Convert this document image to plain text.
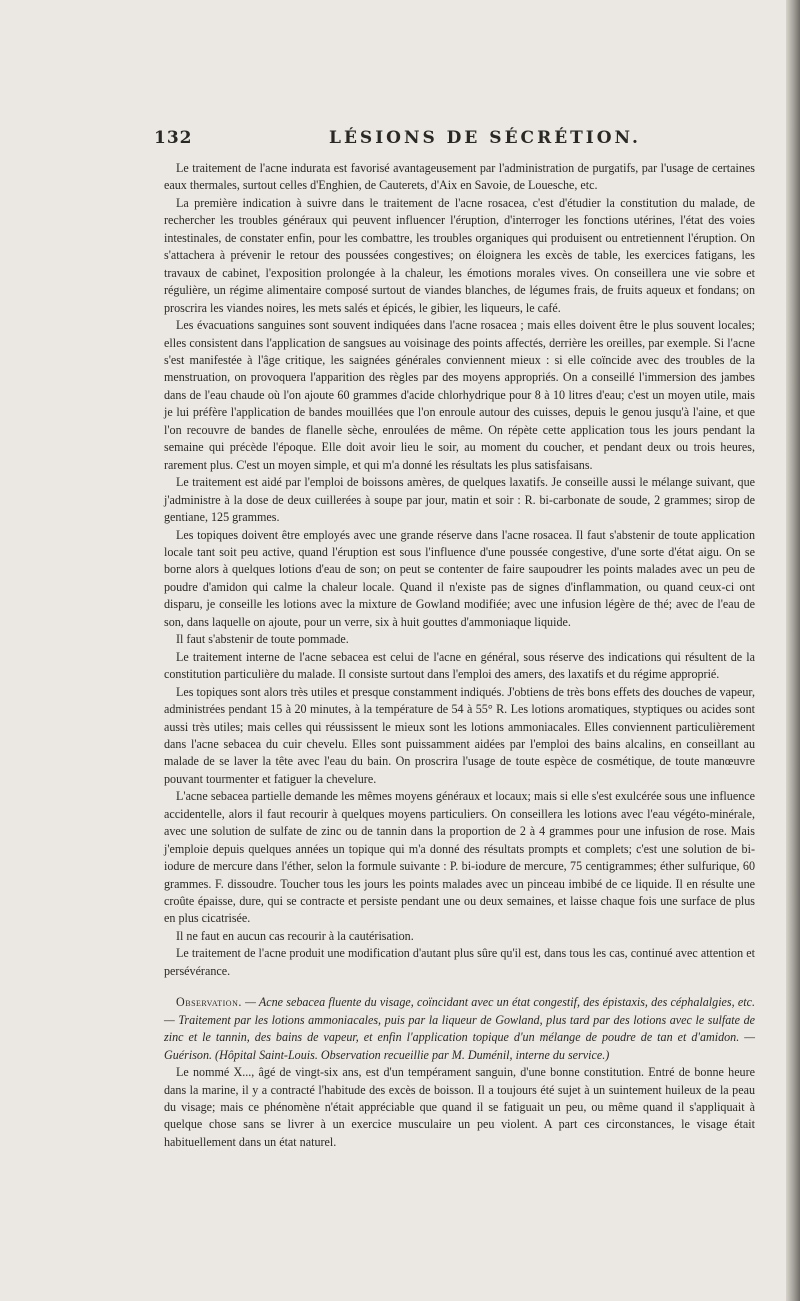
132	LÉSIONS DE SÉCRÉTION.

Le traitement de l'acne indurata est favorisé avantageusement par l'administration de purgatifs, par l'usage de certaines eaux thermales, surtout celles d'Enghien, de Cauterets, d'Aix en Savoie, de Louesche, etc.

La première indication à suivre dans le traitement de l'acne rosacea, c'est d'étudier la constitution du malade, de rechercher les troubles généraux qui peuvent influencer l'éruption, d'interroger les fonctions utérines, l'état des voies intestinales, de constater enfin, pour les combattre, les troubles organiques qui produisent ou entretiennent l'éruption. On s'attachera à prévenir le retour des poussées congestives; on éloignera les excès de table, les exercices fatigans, les travaux de cabinet, l'exposition prolongée à la chaleur, les émotions morales vives. On conseillera une vie sobre et régulière, un régime alimentaire composé surtout de viandes blanches, de légumes frais, de fruits aqueux et fondans; on proscrira les viandes noires, les mets salés et épicés, le gibier, les liqueurs, le café.

Les évacuations sanguines sont souvent indiquées dans l'acne rosacea ; mais elles doivent être le plus souvent locales; elles consistent dans l'application de sangsues au voisinage des points affectés, derrière les oreilles, par exemple. Si l'acne s'est manifestée à l'âge critique, les saignées générales conviennent mieux : si elle coïncide avec des troubles de la menstruation, on provoquera l'apparition des règles par des moyens appropriés. On a conseillé l'immersion des jambes dans de l'eau chaude où l'on ajoute 60 grammes d'acide chlorhydrique pour 8 à 10 litres d'eau; c'est un moyen utile, mais je lui préfère l'application de bandes mouillées que l'on enroule autour des cuisses, depuis le genou jusqu'à l'aine, et que l'on recouvre de bandes de flanelle sèche, enroulées de même. On répète cette application tous les jours pendant la semaine qui précède l'époque. Elle doit avoir lieu le soir, au moment du coucher, et pendant deux ou trois heures, rarement plus. C'est un moyen simple, et qui m'a donné les résultats les plus satisfaisans.

Le traitement est aidé par l'emploi de boissons amères, de quelques laxatifs. Je conseille aussi le mélange suivant, que j'administre à la dose de deux cuillerées à soupe par jour, matin et soir : R. bi-carbonate de soude, 2 grammes; sirop de gentiane, 125 grammes.

Les topiques doivent être employés avec une grande réserve dans l'acne rosacea. Il faut s'abstenir de toute application locale tant soit peu active, quand l'éruption est sous l'influence d'une poussée congestive, d'une sorte d'état aigu. On se borne alors à quelques lotions d'eau de son; on peut se contenter de faire saupoudrer les points malades avec un peu de poudre d'amidon qui calme la chaleur locale. Quand il n'existe pas de signes d'inflammation, ou quand ceux-ci ont disparu, je conseille les lotions avec la mixture de Gowland modifiée; avec une infusion légère de thé; avec de l'eau de son, dans laquelle on ajoute, pour un verre, six à huit gouttes d'ammoniaque liquide.

Il faut s'abstenir de toute pommade.

Le traitement interne de l'acne sebacea est celui de l'acne en général, sous réserve des indications qui résultent de la constitution particulière du malade. Il consiste surtout dans l'emploi des amers, des laxatifs et du régime approprié.

Les topiques sont alors très utiles et presque constamment indiqués. J'obtiens de très bons effets des douches de vapeur, administrées pendant 15 à 20 minutes, à la température de 54 à 55° R. Les lotions aromatiques, styptiques ou acides sont aussi très utiles; mais celles qui réussissent le mieux sont les lotions ammoniacales. Elles conviennent particulièrement dans l'acne sebacea du cuir chevelu. Elles sont puissamment aidées par l'emploi des bains alcalins, en conseillant au malade de se laver la tête avec l'eau du bain. On proscrira l'usage de toute espèce de cosmétique, de toute manœuvre pouvant tourmenter et fatiguer la chevelure.

L'acne sebacea partielle demande les mêmes moyens généraux et locaux; mais si elle s'est exulcérée sous une influence accidentelle, alors il faut recourir à quelques moyens particuliers. On conseillera les lotions avec l'eau végéto-minérale, avec une solution de sulfate de zinc ou de tannin dans la proportion de 2 à 4 grammes pour une infusion de rose. Mais j'emploie depuis quelques années un topique qui m'a donné des résultats prompts et complets; c'est une solution de bi-iodure de mercure dans l'éther, selon la formule suivante : P. bi-iodure de mercure, 75 centigrammes; éther sulfurique, 60 grammes. F. dissoudre. Toucher tous les jours les points malades avec un pinceau imbibé de ce liquide. Il en résulte une croûte épaisse, dure, qui se contracte et persiste pendant une ou deux semaines, et laisse chaque fois une surface de plus en plus cicatrisée.

Il ne faut en aucun cas recourir à la cautérisation.

Le traitement de l'acne produit une modification d'autant plus sûre qu'il est, dans tous les cas, continué avec attention et persévérance.

Observation. — Acne sebacea fluente du visage, coïncidant avec un état congestif, des épistaxis, des céphalalgies, etc. — Traitement par les lotions ammoniacales, puis par la liqueur de Gowland, plus tard par des lotions avec le sulfate de zinc et le tannin, des bains de vapeur, et enfin l'application topique d'un mélange de poudre de tan et d'amidon. — Guérison. (Hôpital Saint-Louis. Observation recueillie par M. Duménil, interne du service.)

Le nommé X..., âgé de vingt-six ans, est d'un tempérament sanguin, d'une bonne constitution. Entré de bonne heure dans la marine, il y a contracté l'habitude des excès de boisson. Il a toujours été sujet à un suintement huileux de la peau du visage; mais ce phénomène n'était appréciable que quand il se fatiguait un peu, ou même quand il s'appliquait à quelque chose sans se livrer à un exercice musculaire un peu violent. A part ces circonstances, le visage était habituellement dans un état naturel.
